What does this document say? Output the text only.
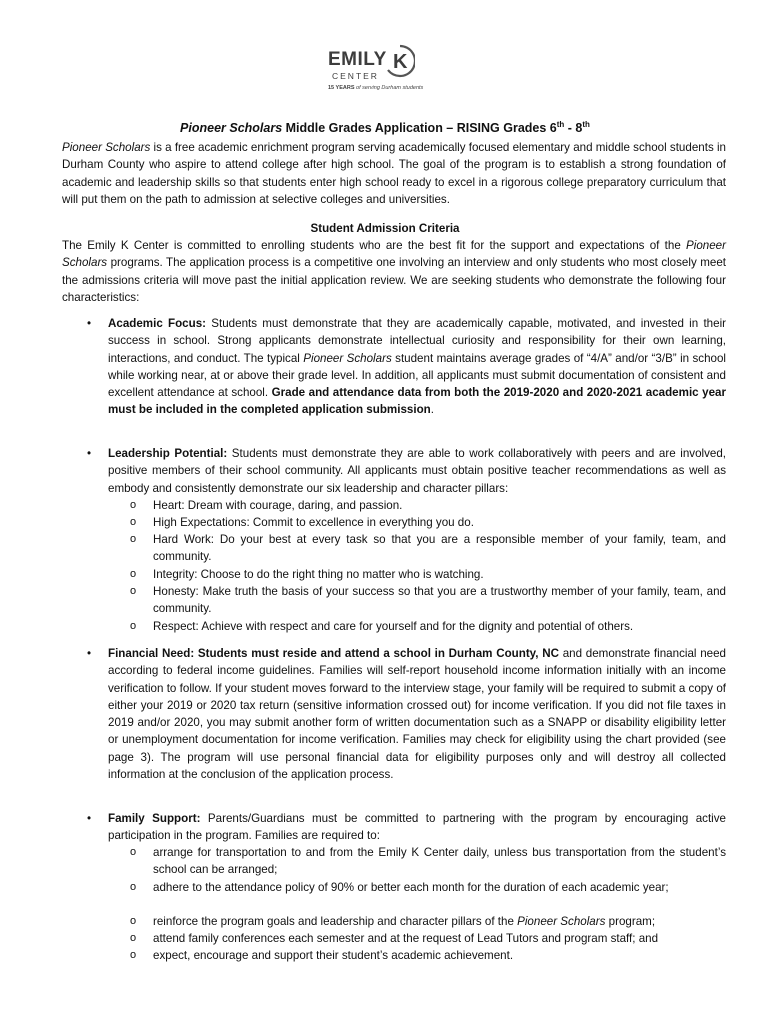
EMILY K
CENTER
15 YEARS of serving Durham students
Pioneer Scholars Middle Grades Application – RISING Grades 6th - 8th
Pioneer Scholars is a free academic enrichment program serving academically focused elementary and middle school students in Durham County who aspire to attend college after high school. The goal of the program is to establish a strong foundation of academic and leadership skills so that students enter high school ready to excel in a rigorous college preparatory curriculum that will put them on the path to admission at selective colleges and universities.
Student Admission Criteria
The Emily K Center is committed to enrolling students who are the best fit for the support and expectations of the Pioneer Scholars programs. The application process is a competitive one involving an interview and only students who most closely meet the admissions criteria will move past the initial application review. We are seeking students who demonstrate the following four characteristics:
• Academic Focus: Students must demonstrate that they are academically capable, motivated, and invested in their success in school. Strong applicants demonstrate intellectual curiosity and responsibility for their own learning, interactions, and conduct. The typical Pioneer Scholars student maintains average grades of “4/A” and/or “3/B” in school while working near, at or above their grade level. In addition, all applicants must submit documentation of consistent and excellent attendance at school. Grade and attendance data from both the 2019-2020 and 2020-2021 academic year must be included in the completed application submission.
• Leadership Potential: Students must demonstrate they are able to work collaboratively with peers and are involved, positive members of their school community. All applicants must obtain positive teacher recommendations as well as embody and consistently demonstrate our six leadership and character pillars:
o Heart: Dream with courage, daring, and passion.
o High Expectations: Commit to excellence in everything you do.
o Hard Work: Do your best at every task so that you are a responsible member of your family, team, and community.
o Integrity: Choose to do the right thing no matter who is watching.
o Honesty: Make truth the basis of your success so that you are a trustworthy member of your family, team, and community.
o Respect: Achieve with respect and care for yourself and for the dignity and potential of others.
• Financial Need: Students must reside and attend a school in Durham County, NC and demonstrate financial need according to federal income guidelines. Families will self-report household income information initially with an income verification to follow. If your student moves forward to the interview stage, your family will be required to submit a copy of either your 2019 or 2020 tax return (sensitive information crossed out) for income verification. If you did not file taxes in 2019 and/or 2020, you may submit another form of written documentation such as a SNAPP or disability eligibility letter or unemployment documentation for income verification. Families may check for eligibility using the chart provided (see page 3). The program will use personal financial data for eligibility purposes only and will destroy all collected information at the conclusion of the application process.
• Family Support: Parents/Guardians must be committed to partnering with the program by encouraging active participation in the program. Families are required to:
o arrange for transportation to and from the Emily K Center daily, unless bus transportation from the student’s school can be arranged;
o adhere to the attendance policy of 90% or better each month for the duration of each academic year;
o reinforce the program goals and leadership and character pillars of the Pioneer Scholars program;
o attend family conferences each semester and at the request of Lead Tutors and program staff; and
o expect, encourage and support their student’s academic achievement.
